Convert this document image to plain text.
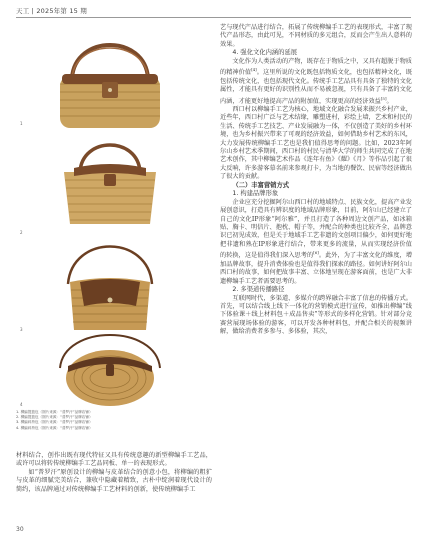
天工 | 2025年第 15 期
1
2
3
4
1. 柳编提篮包（图片来源：“普罗汗”品牌店铺）
2. 柳编提篮包（图片来源：“普罗汗”品牌店铺）
3. 柳编斜挎包（图片来源：“普罗汗”品牌店铺）
4. 柳编斜挎包（图片来源：“普罗汗”品牌店铺）

材料结合，创作出既有现代特征又具有传统意趣的新型柳编手工艺品，或许可以将转传统柳编手工艺品同板、单一的表现形式。

如“普罗汗”原创设计的柳编与皮革结合的创意小包，将柳编的粗犷与皮革的细腻完美结合，兼收中隐藏着精致，古朴中绽润着现代设计的简约，该品牌通过对传统柳编手工艺材料的创新，使传统柳编手工

艺与现代产品进行结合，拓展了传统柳编手工艺的表现形式，丰富了现代产品形态，由此可见，不同材质的多元组合，反而会产生出人意料的效果。

4. 强化文化内涵的延展

文化作为人类活动的产物，既存在于物质之中，又具有超脱于物质的精神价值[4]。这里所说的文化既包括物质文化，也包括精神文化，既包括传统文化，也包括现代文化。传统手工艺品具有具备了独特的文化属性，才能具有更好的识别性从而不易被忽视，只有具备了丰富的文化内涵，才能更好地提高产品的附加值，实现更高的经济效益[5]。

西口村以柳编手工艺为核心，地域文化融合发展来振兴乡村产业，近些年，西口村广泛与艺术结缘，雕塑进村，彩绘上墙，艺术和村民的生活、传统手工艺技艺、产业发展融为一体，不仅创造了美好的乡村环境，也为乡村振兴带来了可观的经济效益，如何借助乡村艺术的东风，大力发展传统柳编手工艺也是我们值得思考的问题。比如，2023年阿尔山乡村艺术季期间，西口村的村民与清华大学的师生共同完成了在地艺术创作，其中柳编艺术作品《连年有鱼》《耀》《月》等作品引起了很大反响，许多游客慕名前来参观打卡，为当地的餐饮、民宿等经济做出了很大的贡献。

（二）丰富营销方式

1. 构建品牌形象

企业应充分挖掘阿尔山西口村的地域特点、民族文化，提高产业发展创意识，打造具有辨识度的地域品牌形象，目前，阿尔山已经建立了自己的文化IP形象“阿尔雅”，并且打造了各种周边文创产品，如冰箱贴、胸卡、明信片、抱枕、帽子等，并配合的种类也比较齐全，品牌意识已初见成效，但是关于地域手工艺非遗的文创项目偏少，如何更好地把非遗和熟在IP形象进行结合，带来更多的流量，从而实现经济价值的转换，这是值得我们深入思考的[6]。此外，为了丰富文化的维度，增加品牌故事，提升消费体验也是值得我们探索的路径。如何讲好阿尔山西口村的故事，如何把故事丰富、立体地呈现在游客面前，也是广大非遗柳编手工艺者需要思考的。

2. 多渠道传播路径

互联网时代，多渠道、多媒介的跨界融合丰富了信息的传播方式。首先，可以结合线上线下一体化的营销模式进行宣传，如推出柳编“线下体验课＋线上材料包＋成品售卖”等形式的多样化营销。针对部分竞赛营展现场体验的游客，可以开发各种材料包，并配合相关的视频讲解，做给消费者多参与、多体验，其次，

30
